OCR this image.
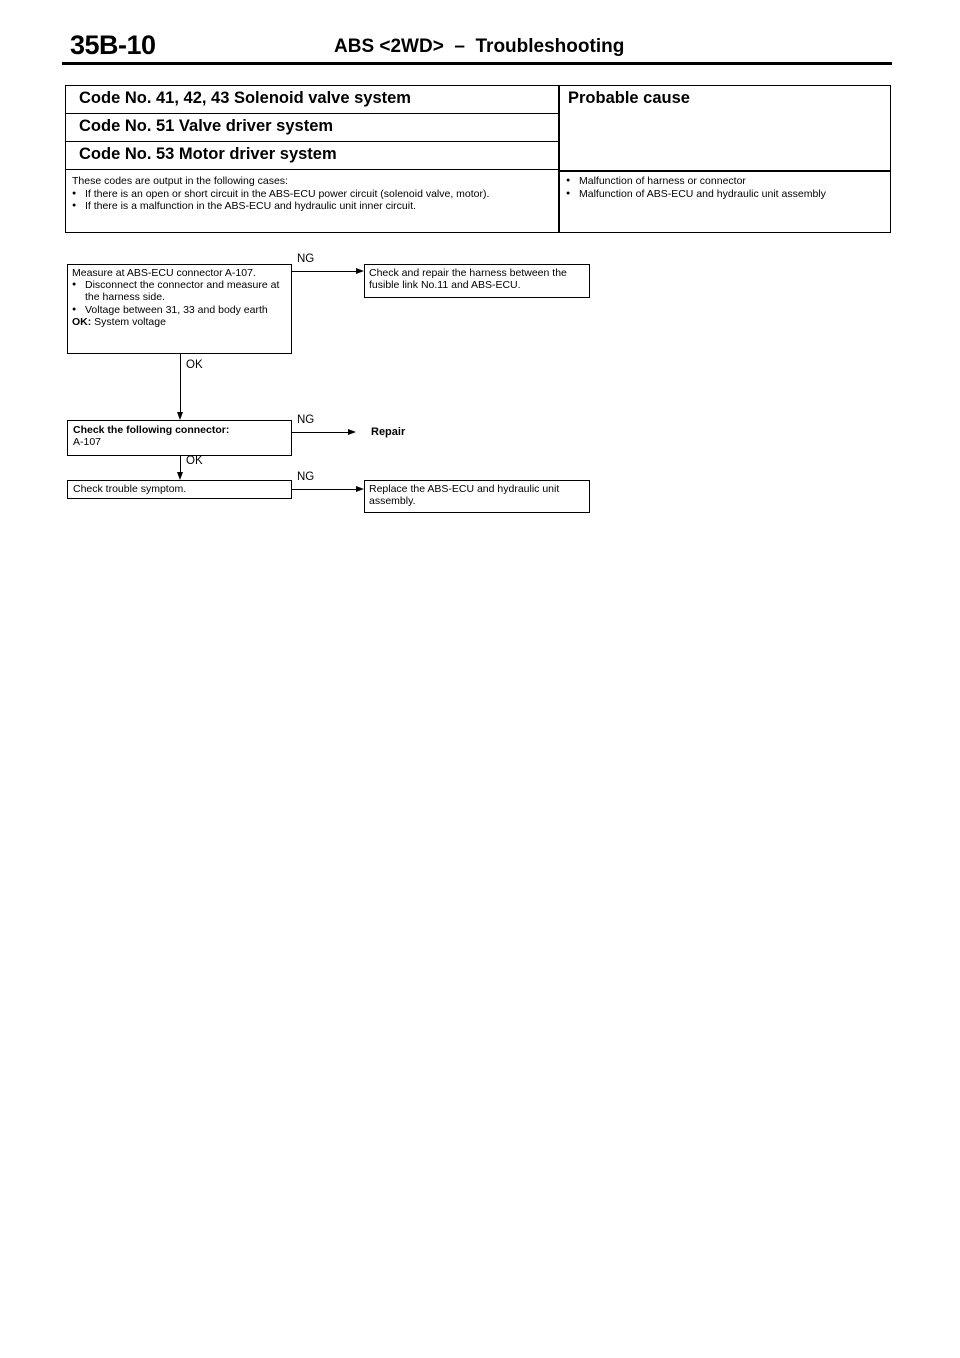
35B-10	ABS <2WD>  –  Troubleshooting
Code No. 41, 42, 43 Solenoid valve system
Code No. 51 Valve driver system
Code No. 53 Motor driver system
Probable cause
These codes are output in the following cases:
● If there is an open or short circuit in the ABS-ECU power circuit (solenoid valve, motor).
● If there is a malfunction in the ABS-ECU and hydraulic unit inner circuit.
● Malfunction of harness or connector
● Malfunction of ABS-ECU and hydraulic unit assembly
Measure at ABS-ECU connector A-107.
● Disconnect the connector and measure at the harness side.
● Voltage between 31, 33 and body earth
OK: System voltage
NG
Check and repair the harness between the fusible link No.11 and ABS-ECU.
OK
Check the following connector:
A-107
NG
Repair
OK
Check trouble symptom.
NG
Replace the ABS-ECU and hydraulic unit assembly.
